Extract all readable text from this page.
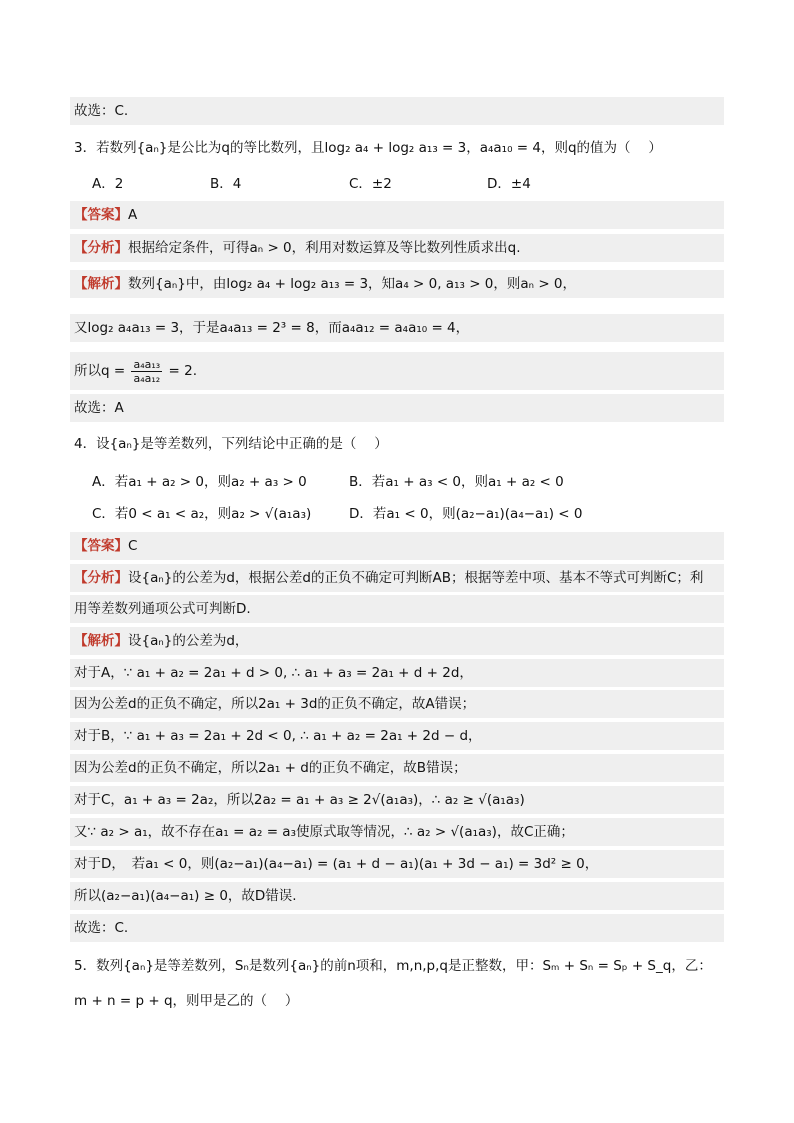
故选：C.
3．若数列{aₙ}是公比为q的等比数列，且log₂ a₄ + log₂ a₁₃ = 3，a₄a₁₀ = 4，则q的值为（　 ）
A．2	B．4	C．±2	D．±4
【答案】A
【分析】根据给定条件，可得aₙ > 0，利用对数运算及等比数列性质求出q.
【解析】数列{aₙ}中，由log₂ a₄ + log₂ a₁₃ = 3，知a₄ > 0, a₁₃ > 0，则aₙ > 0，
又log₂ a₄a₁₃ = 3，于是a₄a₁₃ = 2³ = 8，而a₄a₁₂ = a₄a₁₀ = 4，
所以$q = \frac{\text{a₄a₁₃}}{\text{a₄a₁₂}} = 2$.
故选：A
4．设{aₙ}是等差数列，下列结论中正确的是（　 ）
A．若a₁ + a₂ > 0，则a₂ + a₃ > 0	B．若a₁ + a₃ < 0，则a₁ + a₂ < 0
C．若0 < a₁ < a₂，则a₂ > √(a₁a₃)	D．若a₁ < 0，则(a₂−a₁)(a₄−a₁) < 0
【答案】C
【分析】设{aₙ}的公差为d，根据公差d的正负不确定可判断AB；根据等差中项、基本不等式可判断C；利
用等差数列通项公式可判断D.
【解析】设{aₙ}的公差为d，
对于A，∵ a₁ + a₂ = 2a₁ + d > 0, ∴ a₁ + a₃ = 2a₁ + d + 2d，
因为公差d的正负不确定，所以2a₁ + 3d的正负不确定，故A错误；
对于B，∵ a₁ + a₃ = 2a₁ + 2d < 0, ∴ a₁ + a₂ = 2a₁ + 2d − d，
因为公差d的正负不确定，所以2a₁ + d的正负不确定，故B错误；
对于C，a₁ + a₃ = 2a₂，所以2a₂ = a₁ + a₃ ≥ 2√(a₁a₃)，∴ a₂ ≥ √(a₁a₃)
又∵ a₂ > a₁，故不存在a₁ = a₂ = a₃使原式取等情况，∴ a₂ > √(a₁a₃)，故C正确；
对于D，　若a₁ < 0，则(a₂−a₁)(a₄−a₁) = (a₁ + d − a₁)(a₁ + 3d − a₁) = 3d² ≥ 0，
所以(a₂−a₁)(a₄−a₁) ≥ 0，故D错误.
故选：C.
5．数列{aₙ}是等差数列，Sₙ是数列{aₙ}的前n项和，m,n,p,q是正整数，甲：Sₘ + Sₙ = Sₚ + S_q，乙：
m + n = p + q，则甲是乙的（　 ）
